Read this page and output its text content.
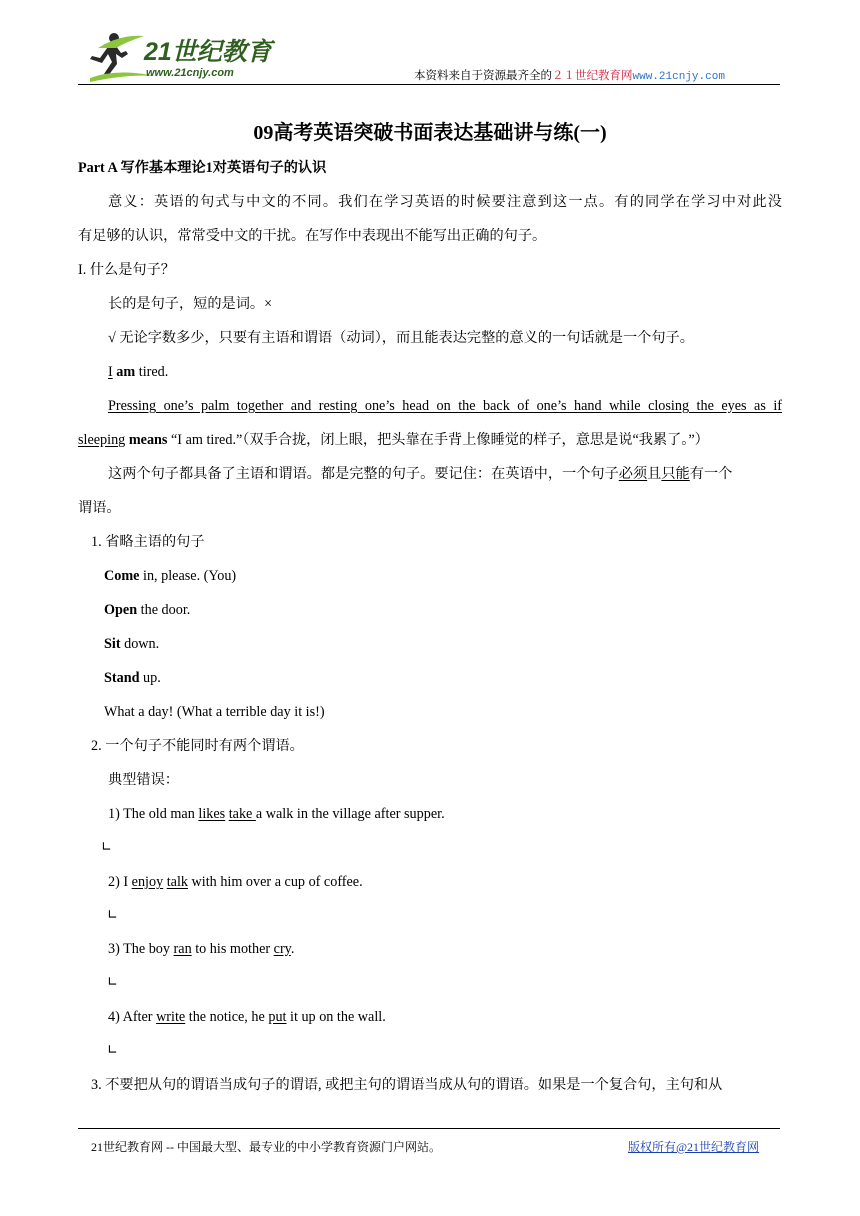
21世纪教育
www.21cnjy.com	本资料来自于资源最齐全的２１世纪教育网www.21cnjy.com
09高考英语突破书面表达基础讲与练(一)
Part A 写作基本理论1对英语句子的认识
意义：英语的句式与中文的不同。我们在学习英语的时候要注意到这一点。有的同学在学习中对此没
有足够的认识，常常受中文的干扰。在写作中表现出不能写出正确的句子。
I. 什么是句子？
长的是句子，短的是词。×
√ 无论字数多少，只要有主语和谓语（动词），而且能表达完整的意义的一句话就是一个句子。
I am tired.
Pressing one’s palm together and resting one’s head on the back of one’s hand while closing the eyes as if
sleeping means “I am tired.”（双手合拢，闭上眼，把头靠在手背上像睡觉的样子，意思是说“我累了。”）
这两个句子都具备了主语和谓语。都是完整的句子。要记住：在英语中，一个句子必须且只能有一个
谓语。
1. 省略主语的句子
Come in, please. (You)
Open the door.
Sit down.
Stand up.
What a day! (What a terrible day it is!)
2. 一个句子不能同时有两个谓语。
典型错误：
1) The old man likes take a walk in the village after supper.
∟
2) I enjoy talk with him over a cup of coffee.
∟
3) The boy ran to his mother cry.
∟
4) After write the notice, he put it up on the wall.
∟
3. 不要把从句的谓语当成句子的谓语, 或把主句的谓语当成从句的谓语。如果是一个复合句，主句和从
21世纪教育网 -- 中国最大型、最专业的中小学教育资源门户网站。	版权所有@21世纪教育网
